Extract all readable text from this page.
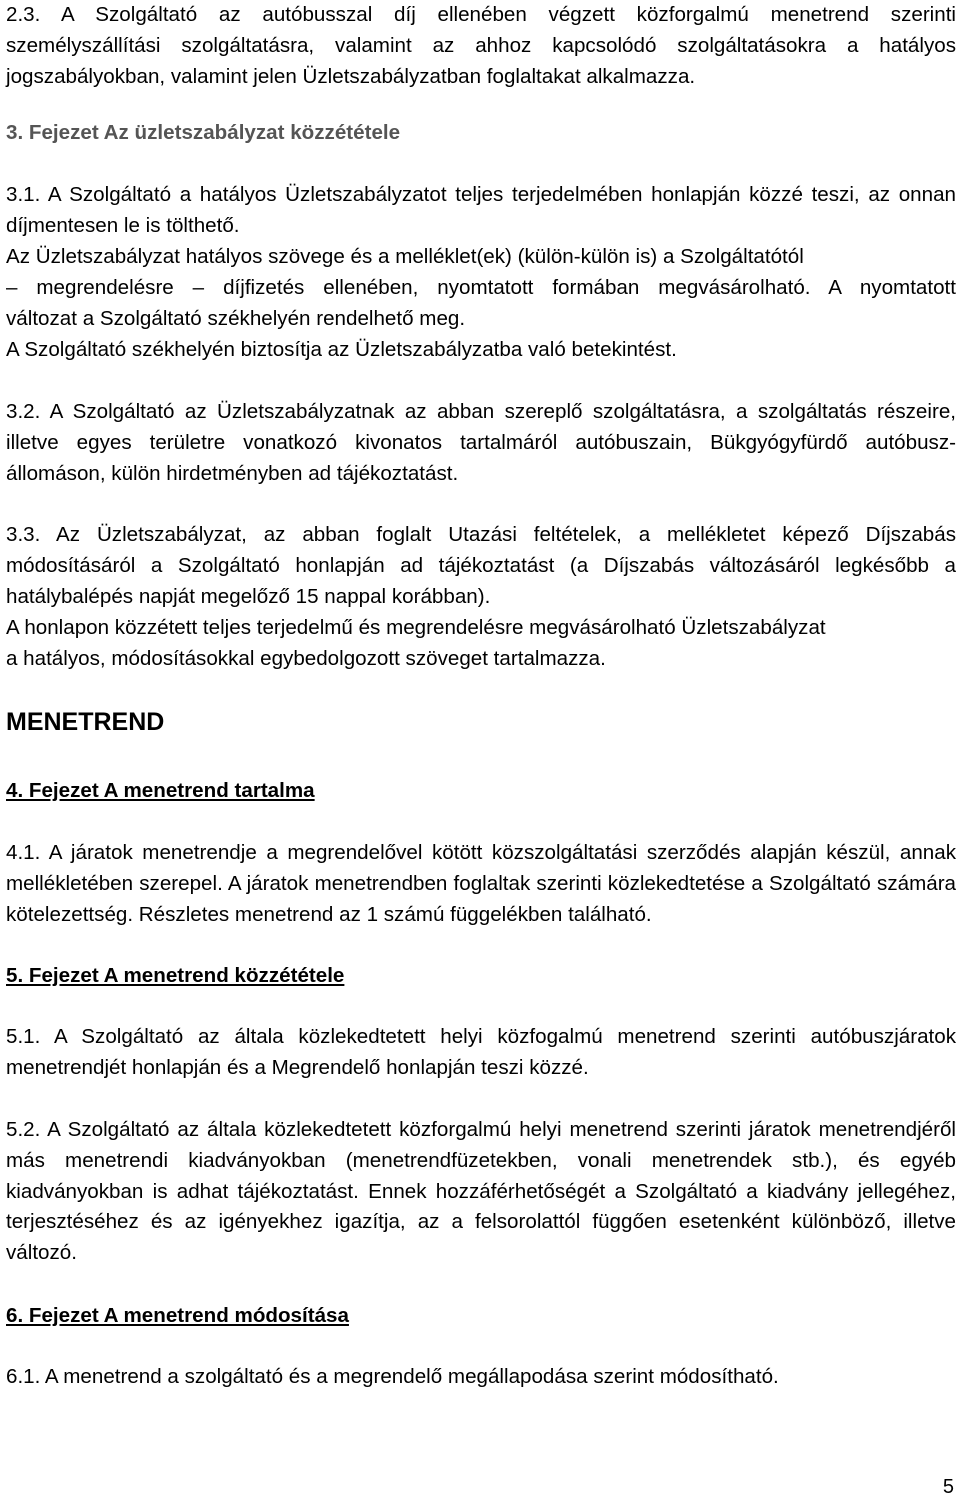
2.3. A Szolgáltató az autóbusszal díj ellenében végzett közforgalmú menetrend szerinti személyszállítási szolgáltatásra, valamint az ahhoz kapcsolódó szolgáltatásokra a hatályos jogszabályokban, valamint jelen Üzletszabályzatban foglaltakat alkalmazza.

3. Fejezet Az üzletszabályzat közzététele

3.1. A Szolgáltató a hatályos Üzletszabályzatot teljes terjedelmében honlapján közzé teszi, az onnan díjmentesen le is tölthető.

Az Üzletszabályzat hatályos szövege és a melléklet(ek) (külön-külön is) a Szolgáltatótól

– megrendelésre – díjfizetés ellenében, nyomtatott formában megvásárolható. A nyomtatott

változat a Szolgáltató székhelyén rendelhető meg.

A Szolgáltató székhelyén biztosítja az Üzletszabályzatba való betekintést.

3.2. A Szolgáltató az Üzletszabályzatnak az abban szereplő szolgáltatásra, a szolgáltatás részeire, illetve egyes területre vonatkozó kivonatos tartalmáról autóbuszain, Bükgyógyfürdő autóbusz-állomáson, külön hirdetményben ad tájékoztatást.

3.3. Az Üzletszabályzat, az abban foglalt Utazási feltételek, a mellékletet képező Díjszabás módosításáról a Szolgáltató honlapján ad tájékoztatást (a Díjszabás változásáról legkésőbb a hatálybalépés napját megelőző 15 nappal korábban).

A honlapon közzétett teljes terjedelmű és megrendelésre megvásárolható Üzletszabályzat

a hatályos, módosításokkal egybedolgozott szöveget tartalmazza.

MENETREND

4. Fejezet A menetrend tartalma

4.1. A járatok menetrendje a megrendelővel kötött közszolgáltatási szerződés alapján készül, annak mellékletében szerepel. A járatok menetrendben foglaltak szerinti közlekedtetése a Szolgáltató számára kötelezettség. Részletes menetrend az 1 számú függelékben található.

5. Fejezet A menetrend közzététele

5.1. A Szolgáltató az általa közlekedtetett helyi közfogalmú menetrend szerinti autóbuszjáratok menetrendjét honlapján és a Megrendelő honlapján teszi közzé.

5.2. A Szolgáltató az általa közlekedtetett közforgalmú helyi menetrend szerinti járatok menetrendjéről más menetrendi kiadványokban (menetrendfüzetekben, vonali menetrendek stb.), és egyéb kiadványokban is adhat tájékoztatást. Ennek hozzáférhetőségét a Szolgáltató a kiadvány jellegéhez, terjesztéséhez és az igényekhez igazítja, az a felsorolattól függően esetenként különböző, illetve változó.

6. Fejezet A menetrend módosítása

6.1. A menetrend a szolgáltató és a megrendelő megállapodása szerint módosítható.

5
